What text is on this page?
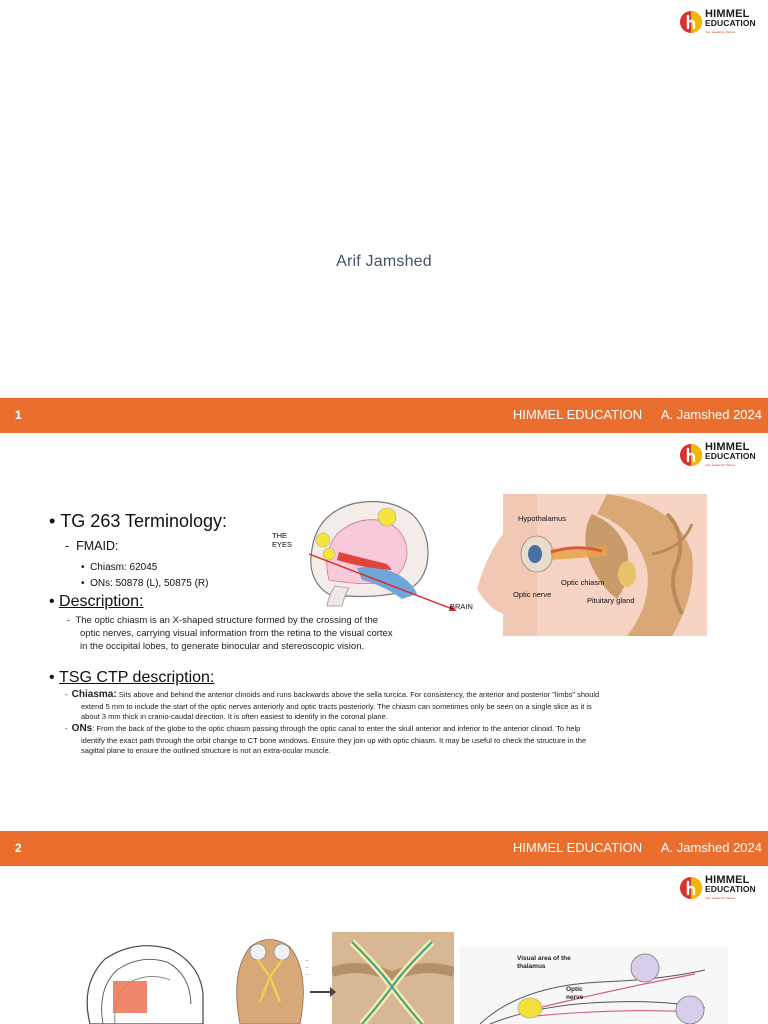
HIMMEL
EDUCATION
Your academic Partner
Arif Jamshed
1	HIMMEL EDUCATION A. Jamshed 2024
HIMMEL
EDUCATION
Your academic Partner
• TG 263 Terminology:
-  FMAID:
•  Chiasm: 62045
•  ONs: 50878 (L), 50875 (R)
• Description:
-  The optic chiasm is an X-shaped structure formed by the crossing of the
optic nerves, carrying visual information from the retina to the visual cortex
in the occipital lobes, to generate binocular and stereoscopic vision.
THE EYES
BRAIN
Hypothalamus
Optic chiasm
Optic nerve
Pituitary gland
• TSG CTP description:
-  Chiasma: Sits above and behind the anterior clinoids and runs backwards above the sella turcica. For consistency, the anterior and posterior "limbs" should
extend 5 mm to include the start of the optic nerves anteriorly and optic tracts posteriorly. The chiasm can sometimes only be seen on a single slice as it is
about 3 mm thick in cranio-caudal direction. It is often easiest to identify in the coronal plane.
-  ONs: From the back of the globe to the optic chiasm passing through the optic canal to enter the skull anterior and inferior to the anterior clinoid. To help
identify the exact path through the orbit change to CT bone windows. Ensure they join up with optic chiasm. It may be useful to check the structure in the
sagittal plane to ensure the outlined structure is not an extra-ocular muscle.
2	HIMMEL EDUCATION A. Jamshed 2024
HIMMEL
EDUCATION
Your academic Partner
—
—
—
Visual area of the thalamus
Optic nerve
